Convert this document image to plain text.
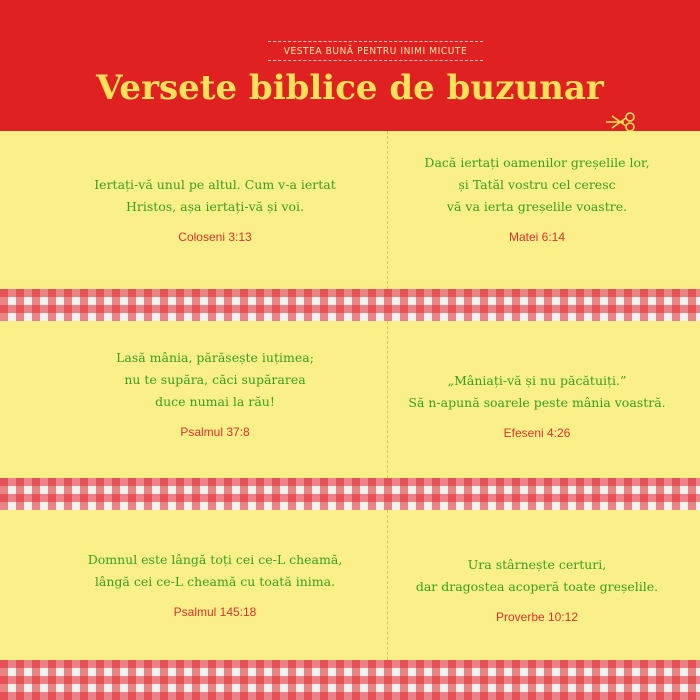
VESTEA BUNĂ PENTRU INIMI MICUTE
Versete biblice de buzunar
Iertați-vă unul pe altul. Cum v-a iertat
Hristos, așa iertați-vă și voi.
Coloseni 3:13
Dacă iertați oamenilor greșelile lor,
și Tatăl vostru cel ceresc
vă va ierta greșelile voastre.
Matei 6:14
Lasă mânia, părăsește iuțimea;
nu te supăra, căci supărarea
duce numai la rău!
Psalmul 37:8
„Mâniați-vă și nu păcătuiți.”
Să n-apună soarele peste mânia voastră.
Efeseni 4:26
Domnul este lângă toți cei ce-L cheamă,
lângă cei ce-L cheamă cu toată inima.
Psalmul 145:18
Ura stârnește certuri,
dar dragostea acoperă toate greșelile.
Proverbe 10:12
